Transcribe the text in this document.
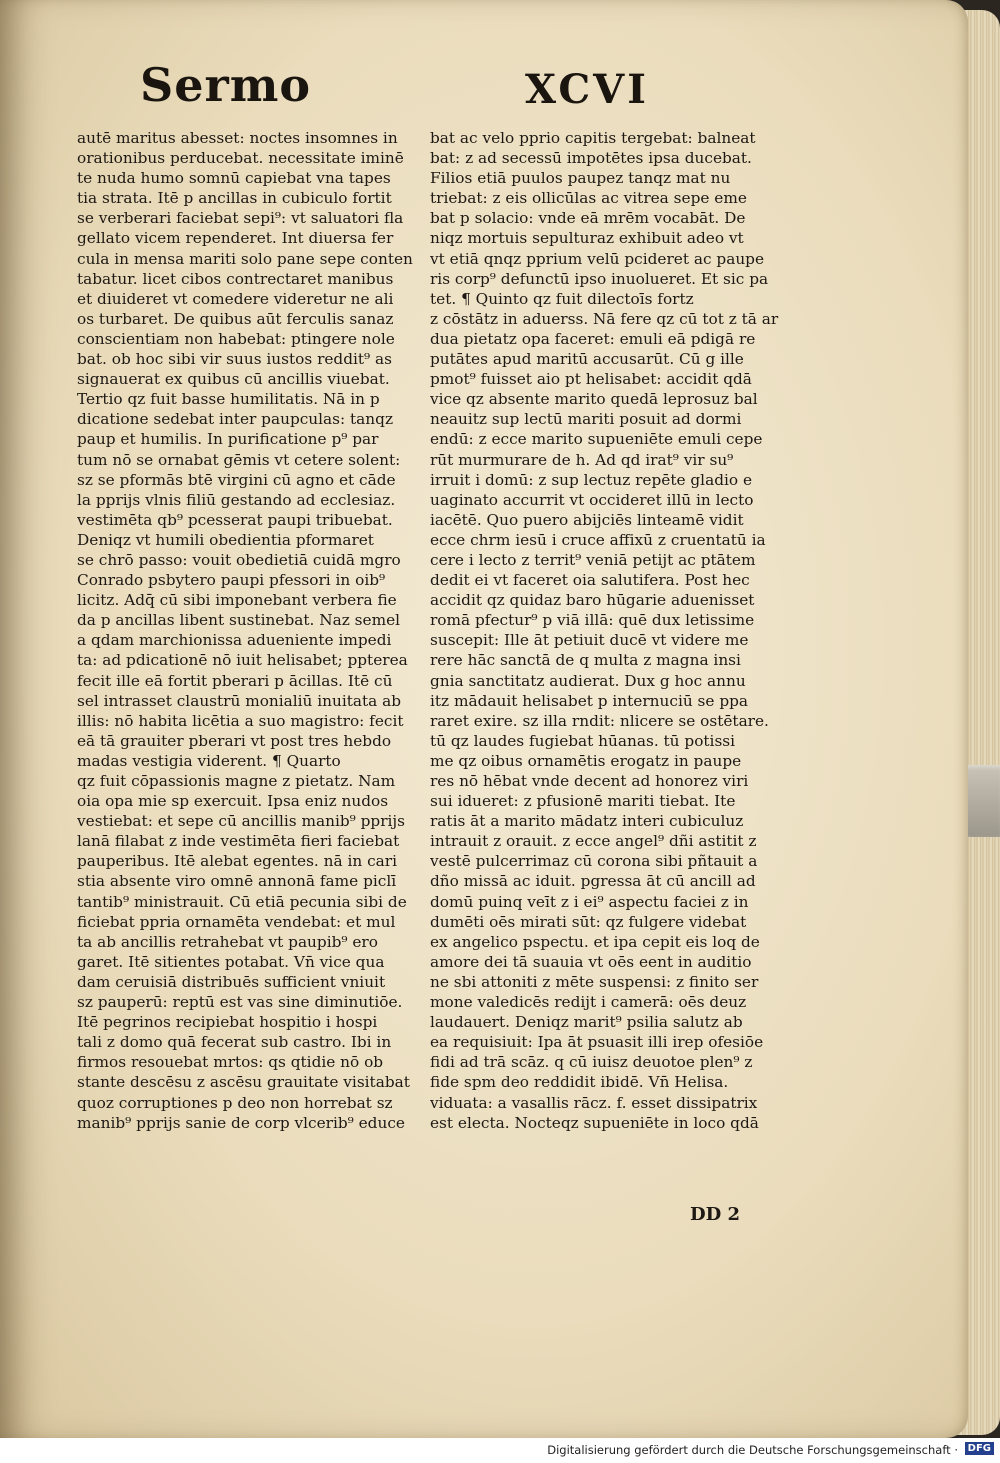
Sermo	XCVI
autē maritus abesset: noctes insomnes in
orationibus perducebat. necessitate iminē
te nuda humo somnū capiebat vna tapes
tia strata. Itē p ancillas in cubiculo fortit
se verberari faciebat sepi⁹: vt saluatori fla
gellato vicem rependeret. Int diuersa fer
cula in mensa mariti solo pane sepe conten
tabatur. licet cibos contrectaret manibus
et diuideret vt comedere videretur ne ali
os turbaret. De quibus aūt ferculis sanaz
conscientiam non habebat: ptingere nole
bat. ob hoc sibi vir suus iustos reddit⁹ as
signauerat ex quibus cū ancillis viuebat.
Tertio qz fuit basse humilitatis. Nā in p
dicatione sedebat inter paupculas: tanqz
paup et humilis. In purificatione p⁹ par
tum nō se ornabat gēmis vt cetere solent:
sz se pformās btē virgini cū agno et cāde
la pprijs vlnis filiū gestando ad ecclesiaz.
vestimēta qb⁹ pcesserat paupi tribuebat.
Deniqz vt humili obedientia pformaret
se chrō passo: vouit obedietiā cuidā mgro
Conrado psbytero paupi pfessori in oib⁹
licitz. Adq̄ cū sibi imponebant verbera fie
da p ancillas libent sustinebat. Naz semel
a qdam marchionissa adueniente impedi
ta: ad pdicationē nō iuit helisabet; ppterea
fecit ille eā fortit pberari p ācillas. Itē cū
sel intrasset claustrū monialiū inuitata ab
illis: nō habita licētia a suo magistro: fecit
eā tā grauiter pberari vt post tres hebdo
madas vestigia viderent. ¶ Quarto
qz fuit cōpassionis magne z pietatz. Nam
oia opa mie sp exercuit. Ipsa eniz nudos
vestiebat: et sepe cū ancillis manib⁹ pprijs
lanā filabat z inde vestimēta fieri faciebat
pauperibus. Itē alebat egentes. nā in cari
stia absente viro omnē annonā fame piclī
tantib⁹ ministrauit. Cū etiā pecunia sibi de
ficiebat ppria ornamēta vendebat: et mul
ta ab ancillis retrahebat vt paupib⁹ ero
garet. Itē sitientes potabat. Vn̄ vice qua
dam ceruisiā distribuēs sufficient vniuit
sz pauperū: reptū est vas sine diminutiōe.
Itē pegrinos recipiebat hospitio i hospi
tali z domo quā fecerat sub castro. Ibi in
firmos resouebat mrtos: qs qtidie nō ob
stante descēsu z ascēsu grauitate visitabat
quoz corruptiones p deo non horrebat sz
manib⁹ pprijs sanie de corp vlcerib⁹ educe
bat ac velo pprio capitis tergebat: balneat
bat: z ad secessū impotētes ipsa ducebat.
Filios etiā puulos paupez tanqz mat nu
triebat: z eis ollicūlas ac vitrea sepe eme
bat p solacio: vnde eā mrēm vocabāt. De
niqz mortuis sepulturaz exhibuit adeo vt
vt etiā qnqz pprium velū pcideret ac paupe
ris corp⁹ defunctū ipso inuolueret. Et sic pa
tet. ¶ Quinto qz fuit dilectoīs fortz
z cōstātz in aduerss. Nā fere qz cū tot z tā ar
dua pietatz opa faceret: emuli eā pdigā re
putātes apud maritū accusarūt. Cū g ille
pmot⁹ fuisset aio pt helisabet: accidit qdā
vice qz absente marito quedā leprosuz bal
neauitz sup lectū mariti posuit ad dormi
endū: z ecce marito supueniēte emuli cepe
rūt murmurare de h. Ad qd irat⁹ vir su⁹
irruit i domū: z sup lectuz repēte gladio e
uaginato accurrit vt occideret illū in lecto
iacētē. Quo puero abijciēs linteamē vidit
ecce chrm iesū i cruce affixū z cruentatū ia
cere i lecto z territ⁹ veniā petijt ac ptātem
dedit ei vt faceret oia salutifera. Post hec
accidit qz quidaz baro hūgarie aduenisset
romā pfectur⁹ p viā illā: quē dux letissime
suscepit: Ille āt petiuit ducē vt videre me
rere hāc sanctā de q multa z magna insi
gnia sanctitatz audierat. Dux g hoc annu
itz mādauit helisabet p internuciū se ppa
raret exire. sz illa rndit: nlicere se ostētare.
tū qz laudes fugiebat hūanas. tū potissi
me qz oibus ornamētis erogatz in paupe
res nō hēbat vnde decent ad honorez viri
sui idueret: z pfusionē mariti tiebat. Ite
ratis āt a marito mādatz interi cubiculuz
intrauit z orauit. z ecce angel⁹ dñi astitit z
vestē pulcerrimaz cū corona sibi pñtauit a
dño missā ac iduit. pgressa āt cū ancill ad
domū puinq veīt z i ei⁹ aspectu faciei z in
dumēti oēs mirati sūt: qz fulgere videbat
ex angelico pspectu. et ipa cepit eis loq de
amore dei tā suauia vt oēs eent in auditio
ne sbi attoniti z mēte suspensi: z finito ser
mone valedicēs redijt i camerā: oēs deuz
laudauert. Deniqz marit⁹ psilia salutz ab
ea requisiuit: Ipa āt psuasit illi irep ofesiōe
fidi ad trā scāz. q cū iuisz deuotoe plen⁹ z
fide spm deo reddidit ibidē. Vn̄ Helisa.
viduata: a vasallis rācz. f. esset dissipatrix
est electa. Nocteqz supueniēte in loco qdā
DD 2
Digitalisierung gefördert durch die Deutsche Forschungsgemeinschaft · DFG
